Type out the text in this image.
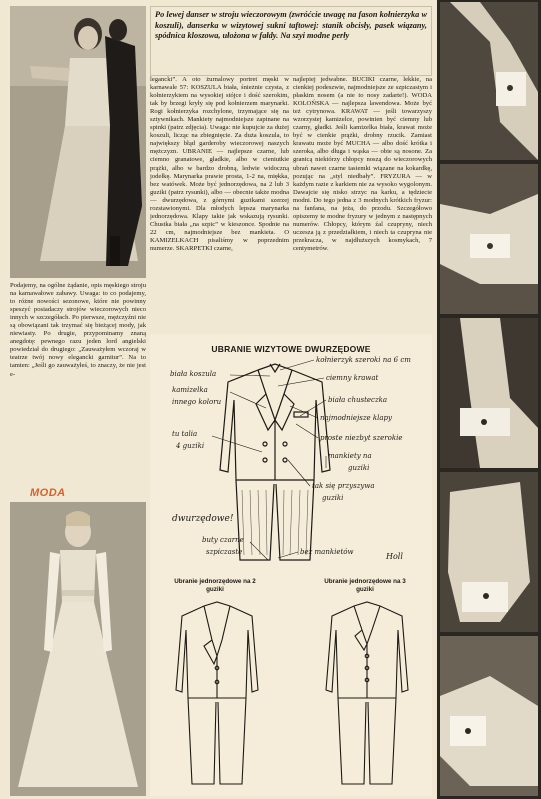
Po lewej danser w stroju wieczorowym (zwróćcie uwagę na fason kołnierzyka w koszuli), danserka w wizytowej sukni taftowej: stanik obcisły, pasek wiązany, spódnica kloszowa, ułożona w fałdy. Na szyi modne perły

Podajemy, na ogólne żądanie, opis męskiego stroju na karnawałowe zabawy. Uwaga: to co podajemy, to różne nowości sezonowe, które nie powinny speszyć posiadaczy strojów wieczorowych nieco innych w szczegółach. Po pierwsze, mężczyźni nie są obowiązani tak trzymać się bieżącej mody, jak niewiasty. Po drugie, przypominamy znaną anegdotę: pewnego razu jeden lord angielski powiedział do drugiego: „Zauważyłem wczoraj w teatrze twój nowy elegancki garnitur”. Na to tamten: „Jeśli go zauważyłeś, to znaczy, że nie jest e-

legancki”. A oto żurnalowy portret męski w karnawale 57: KOSZULA biała, śnieżnie czysta, z kołnierzykiem na wysokiej stójce i dość szerokim, tak by brzegi kryły się pod kołnierzem marynarki. Rogi kołnierzyka rozchylone, trzymające się na sztywnikach. Mankiety najmodniejsze zapinane na spinki (patrz zdjęcia). Uwaga: nie kupujcie za dużej koszuli, licząc na zbiegnięcie. Za duża koszula, to największy błąd garderoby wieczorowej naszych mężczyzn. UBRANIE — najlepsze czarne, lub ciemno granatowe, gładkie, albo w cieniutkie prążki, albo w bardzo drobną, ledwie widoczną jodełkę. Marynarka prawie prosta, 1-2 na, miękka, bez watówek. Może być jednorzędowa, na 2 lub 3 guziki (patrz rysunki), albo — obecnie także modna — dwurzędowa, z górnymi guzikami szerzej rozstawionymi. Dla młodych lepsza marynarka jednorzędowa. Klapy takie jak wskazują rysunki. Chustka biała „na szpic” w kieszonce. Spodnie na 22 cm, najmodniejsze bez mankieta. O KAMIZELKACH pisaliśmy w poprzednim numerze. SKARPETKI czarne,

najlepiej jedwabne. BUCIKI czarne, lekkie, na cienkiej podeszwie, najmodniejsze ze szpiczastym i płaskim nosem (a nie to nosy zadarte!). WODA KOLOŃSKA — najlepsza lawendowa. Może być też cytrynowa. KRAWAT — jeśli towarzyszy wzorzystej kamizelce, powinien być ciemny lub czarny, gładki. Jeśli kamizelka biała, krawat może być w cienkie prążki, drobny rzucik. Zamiast krawatu może być MUCHA — albo dość krótka i szeroka, albo długa i wąska — obie są nosone. Za granicą niektórzy chłopcy noszą do wieczorowych ubrań nawet czarne tasiemki wiązane na kokardkę, pozując na „styl niedbały”. FRYZURA — w każdym razie z karkiem nie za wysoko wygolonym. Dawajcie się nisko strzyc na karku, a tędziecie modni. Do tego jedna z 3 modnych krótkich fryzur: na fanfana, na jeża, do przodu. Szczegółowo opiszemy te modne fryzury w jednym z następnych numerów. Chłopcy, którym źal czupryny, niech uczesza ją z przedziałkiem, i niech ta czupryna nie przekracza, w najdłuższych kosmykach, 7 centymetrów.

MODA
UBRANIE WIZYTOWE DWURZĘDOWE
biała koszula
kamizelka
innego koloru
kołnierzyk szeroki na 6 cm
ciemny krawat
biała chusteczka
najmodniejsze klapy
proste niezbyt szerokie
mankiety na
guziki
tu talia
4 guziki
dwurzędowe!
tak się przyszywa
guziki
bez mankietów
buty czarne
szpiczaste	Holl
Ubranie jednorzędowe na 2 guziki
Ubranie jednorzędowe na 3 guziki
